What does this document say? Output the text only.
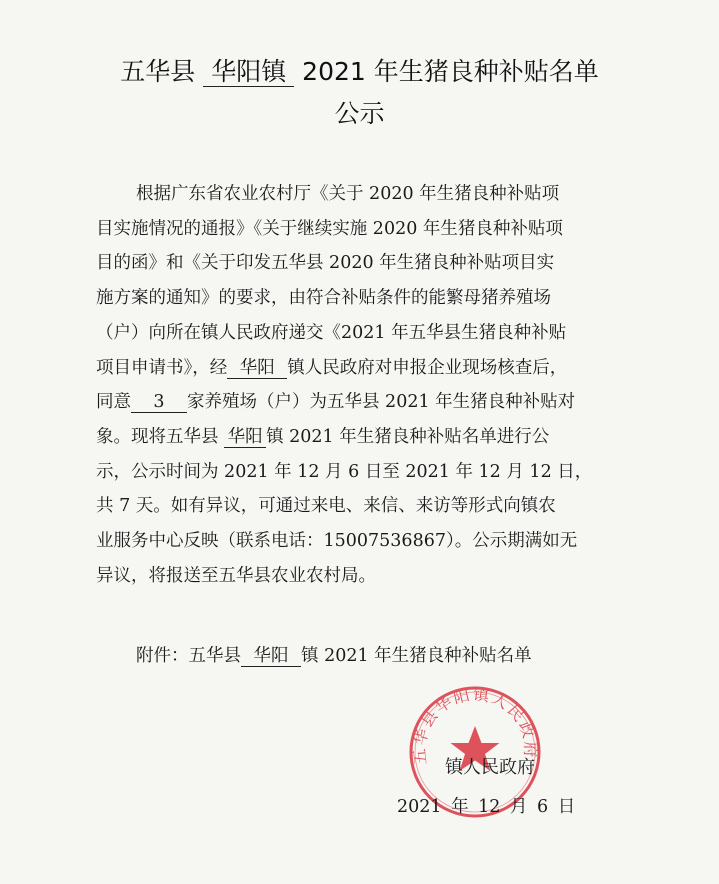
五华县 华阳镇 2021 年生猪良种补贴名单
公示
根据广东省农业农村厅《关于 2020 年生猪良种补贴项
目实施情况的通报》《关于继续实施 2020 年生猪良种补贴项
目的函》和《关于印发五华县 2020 年生猪良种补贴项目实
施方案的通知》的要求，由符合补贴条件的能繁母猪养殖场
（户）向所在镇人民政府递交《2021 年五华县生猪良种补贴
项目申请书》，经 华阳 镇人民政府对申报企业现场核查后，
同意 3 家养殖场（户）为五华县 2021 年生猪良种补贴对
象。现将五华县 华阳 镇 2021 年生猪良种补贴名单进行公
示，公示时间为 2021 年 12 月 6 日至 2021 年 12 月 12 日，
共 7 天。如有异议，可通过来电、来信、来访等形式向镇农
业服务中心反映（联系电话：15007536867）。公示期满如无
异议，将报送至五华县农业农村局。
附件：五华县 华阳 镇 2021 年生猪良种补贴名单
五华县华阳镇人民政府
镇人民政府
2021 年 12 月 6 日
